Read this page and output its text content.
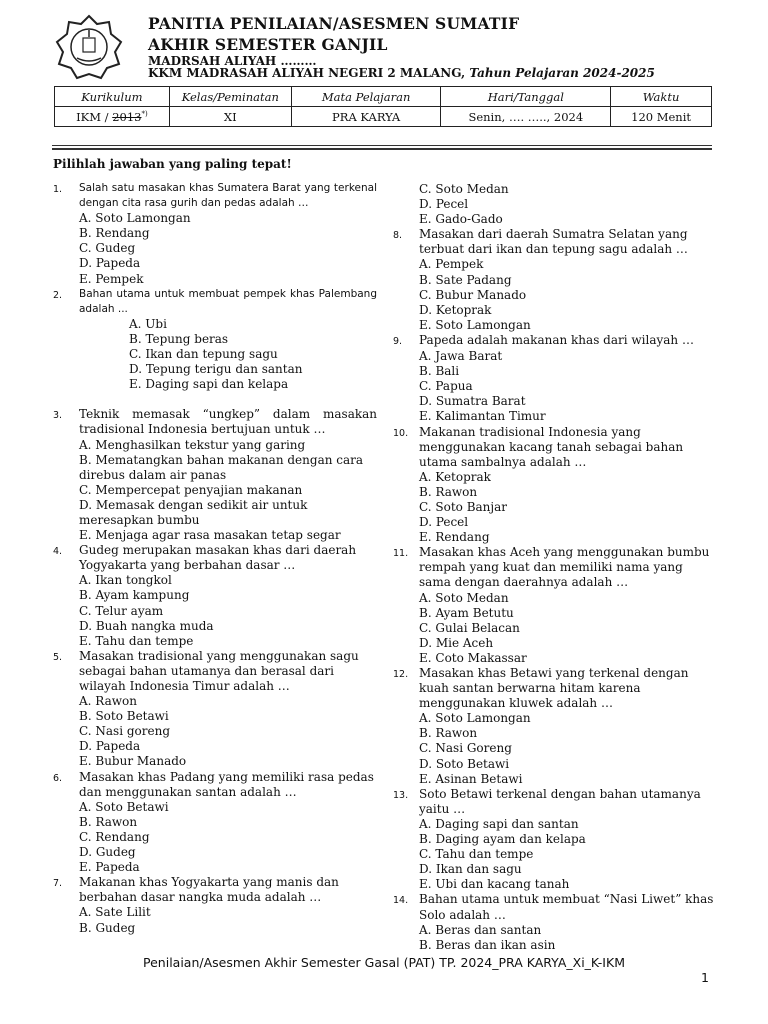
PANITIA PENILAIAN/ASESMEN SUMATIF
AKHIR SEMESTER GANJIL
MADRSAH ALIYAH ………
KKM MADRASAH ALIYAH NEGERI 2 MALANG, Tahun Pelajaran 2024-2025
Kurikulum	Kelas/Peminatan	Mata Pelajaran	Hari/Tanggal	Waktu
IKM / 2013*)	XI	PRA KARYA	Senin, …. ….., 2024	120 Menit
Pilihlah jawaban yang paling tepat!
1.	Salah satu masakan khas Sumatera Barat yang terkenal dengan cita rasa gurih dan pedas adalah …
A. Soto Lamongan
B. Rendang
C. Gudeg
D. Papeda
E. Pempek
2.	Bahan utama untuk membuat pempek khas Palembang adalah ...
A. Ubi
B. Tepung beras
C. Ikan dan tepung sagu
D. Tepung terigu dan santan
E. Daging sapi dan kelapa
3.	Teknik memasak “ungkep” dalam masakan tradisional Indonesia bertujuan untuk …
A. Menghasilkan tekstur yang garing
B. Mematangkan bahan makanan dengan cara direbus dalam air panas
C. Mempercepat penyajian makanan
D. Memasak dengan sedikit air untuk meresapkan bumbu
E. Menjaga agar rasa masakan tetap segar
4.	Gudeg merupakan masakan khas dari daerah Yogyakarta yang berbahan dasar …
A. Ikan tongkol
B. Ayam kampung
C. Telur ayam
D. Buah nangka muda
E. Tahu dan tempe
5.	Masakan tradisional yang menggunakan sagu sebagai bahan utamanya dan berasal dari wilayah Indonesia Timur adalah …
A. Rawon
B. Soto Betawi
C. Nasi goreng
D. Papeda
E. Bubur Manado
6.	Masakan khas Padang yang memiliki rasa pedas dan menggunakan santan adalah …
A. Soto Betawi
B. Rawon
C. Rendang
D. Gudeg
E. Papeda
7.	Makanan khas Yogyakarta yang manis dan berbahan dasar nangka muda adalah …
A. Sate Lilit
B. Gudeg
C. Soto Medan
D. Pecel
E. Gado-Gado
8.	Masakan dari daerah Sumatra Selatan yang terbuat dari ikan dan tepung sagu adalah …
A. Pempek
B. Sate Padang
C. Bubur Manado
D. Ketoprak
E. Soto Lamongan
9.	Papeda adalah makanan khas dari wilayah …
A. Jawa Barat
B. Bali
C. Papua
D. Sumatra Barat
E. Kalimantan Timur
10. Makanan tradisional Indonesia yang menggunakan kacang tanah sebagai bahan utama sambalnya adalah …
A. Ketoprak
B. Rawon
C. Soto Banjar
D. Pecel
E. Rendang
11. Masakan khas Aceh yang menggunakan bumbu rempah yang kuat dan memiliki nama yang sama dengan daerahnya adalah …
A. Soto Medan
B. Ayam Betutu
C. Gulai Belacan
D. Mie Aceh
E. Coto Makassar
12. Masakan khas Betawi yang terkenal dengan kuah santan berwarna hitam karena menggunakan kluwek adalah …
A. Soto Lamongan
B. Rawon
C. Nasi Goreng
D. Soto Betawi
E. Asinan Betawi
13. Soto Betawi terkenal dengan bahan utamanya yaitu …
A. Daging sapi dan santan
B. Daging ayam dan kelapa
C. Tahu dan tempe
D. Ikan dan sagu
E. Ubi dan kacang tanah
14. Bahan utama untuk membuat “Nasi Liwet” khas Solo adalah …
A. Beras dan santan
B. Beras dan ikan asin
Penilaian/Asesmen Akhir Semester Gasal (PAT) TP. 2024_PRA KARYA_Xi_K-IKM
1
